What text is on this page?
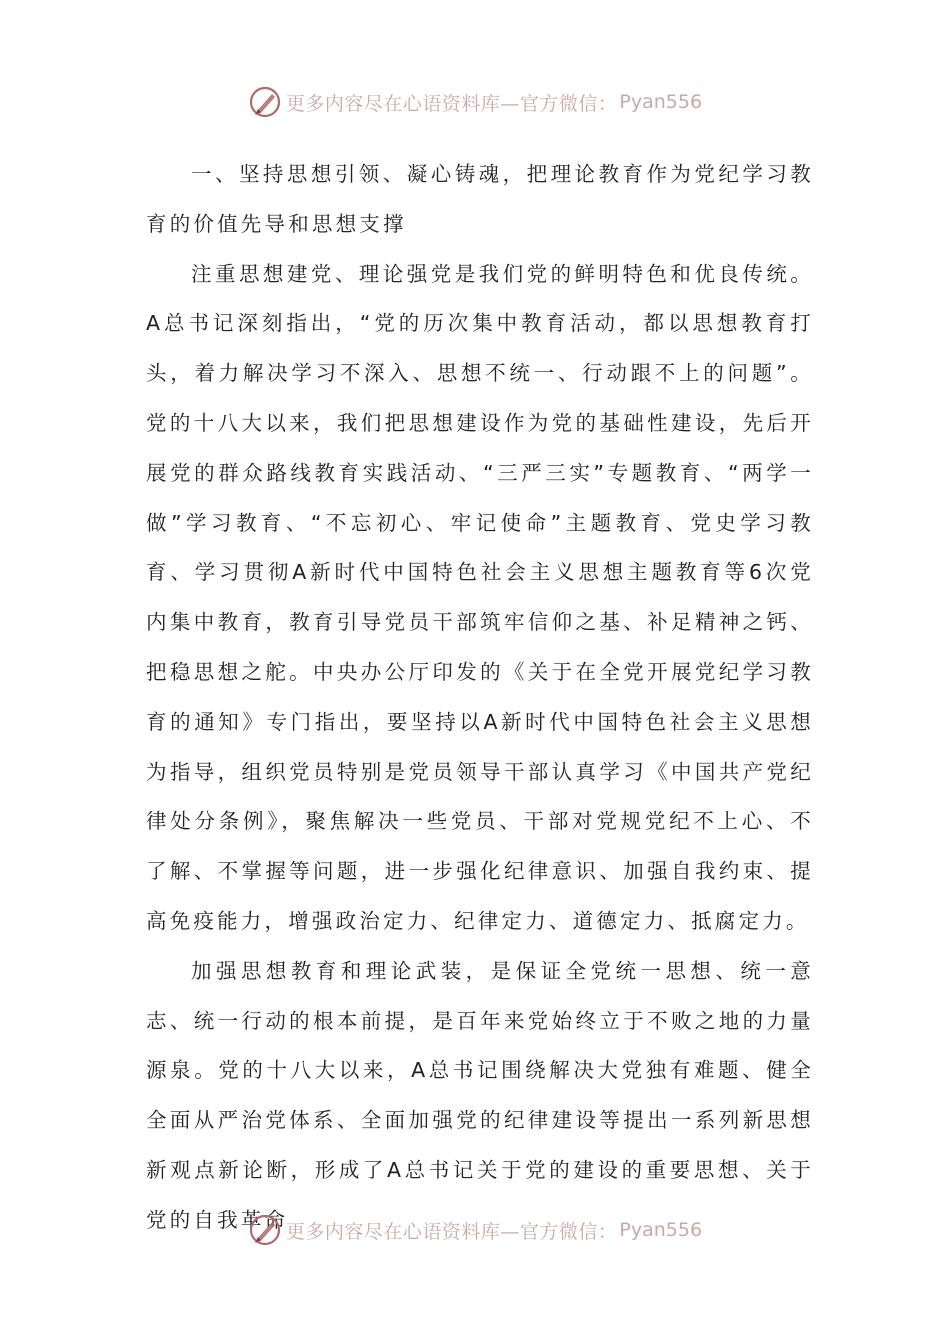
更多内容尽在心语资料库—官方微信： Pyan556

一、坚持思想引领、凝心铸魂，把理论教育作为党纪学习教育的价值先导和思想支撑

注重思想建党、理论强党是我们党的鲜明特色和优良传统。A总书记深刻指出，“党的历次集中教育活动，都以思想教育打头，着力解决学习不深入、思想不统一、行动跟不上的问题”。党的十八大以来，我们把思想建设作为党的基础性建设，先后开展党的群众路线教育实践活动、“三严三实”专题教育、“两学一做”学习教育、“不忘初心、牢记使命”主题教育、党史学习教育、学习贯彻A新时代中国特色社会主义思想主题教育等6次党内集中教育，教育引导党员干部筑牢信仰之基、补足精神之钙、把稳思想之舵。中央办公厅印发的《关于在全党开展党纪学习教育的通知》专门指出，要坚持以A新时代中国特色社会主义思想为指导，组织党员特别是党员领导干部认真学习《中国共产党纪律处分条例》，聚焦解决一些党员、干部对党规党纪不上心、不了解、不掌握等问题，进一步强化纪律意识、加强自我约束、提高免疫能力，增强政治定力、纪律定力、道德定力、抵腐定力。

加强思想教育和理论武装，是保证全党统一思想、统一意志、统一行动的根本前提，是百年来党始终立于不败之地的力量源泉。党的十八大以来，A总书记围绕解决大党独有难题、健全全面从严治党体系、全面加强党的纪律建设等提出一系列新思想新观点新论断，形成了A总书记关于党的建设的重要思想、关于党的自我革命

更多内容尽在心语资料库—官方微信： Pyan556
